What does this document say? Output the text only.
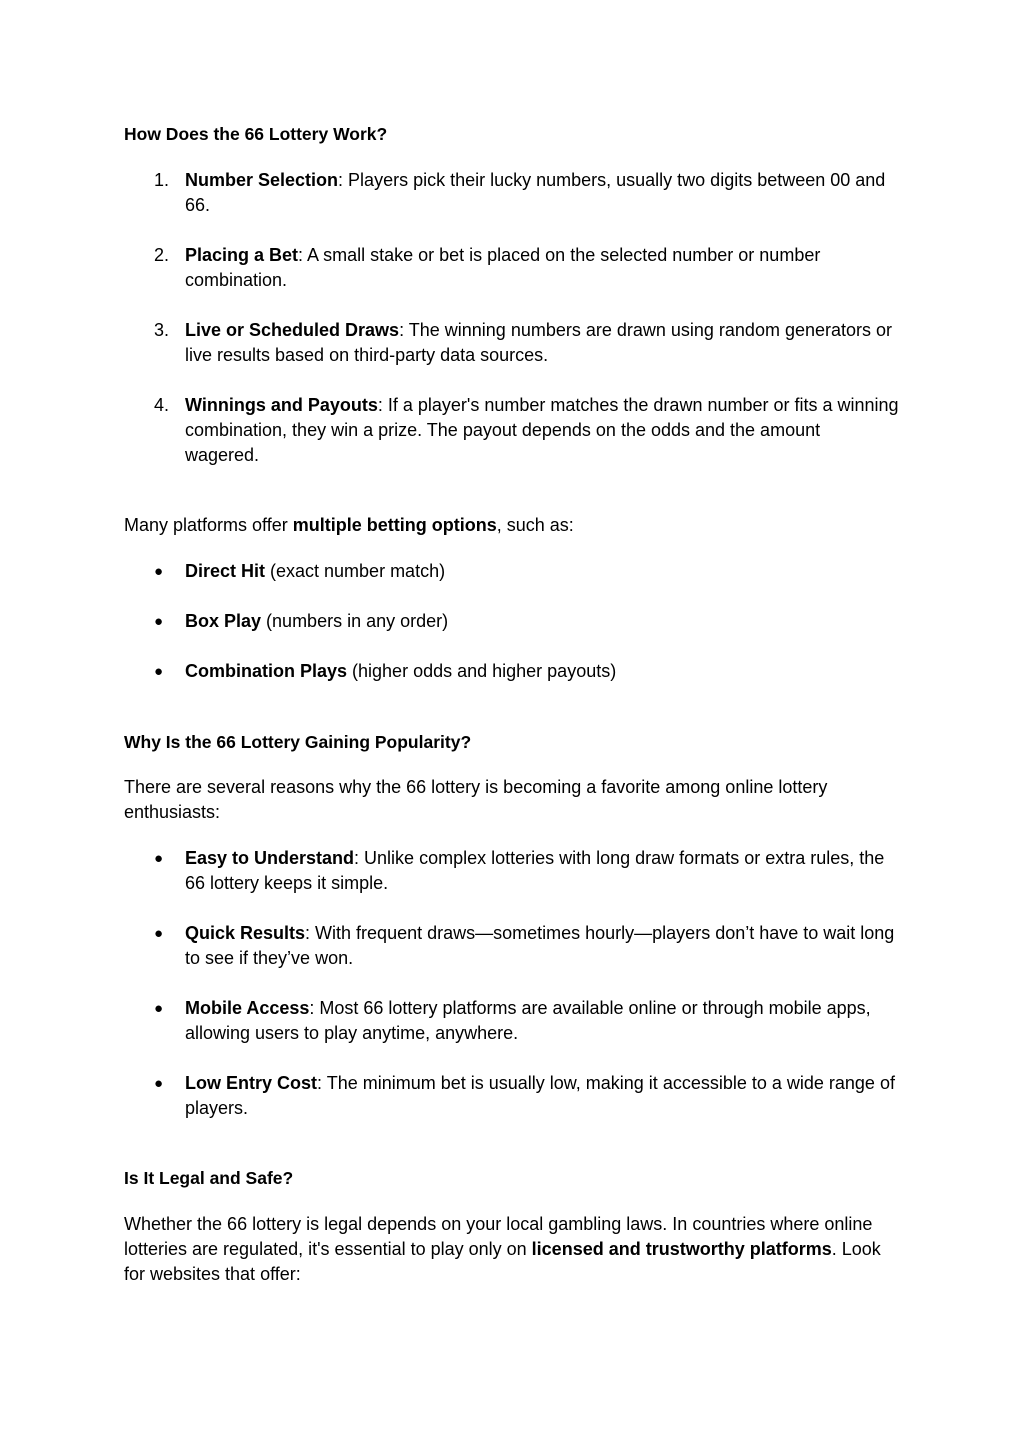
How Does the 66 Lottery Work?
1. Number Selection: Players pick their lucky numbers, usually two digits between 00 and 66.
2. Placing a Bet: A small stake or bet is placed on the selected number or number combination.
3. Live or Scheduled Draws: The winning numbers are drawn using random generators or live results based on third-party data sources.
4. Winnings and Payouts: If a player's number matches the drawn number or fits a winning combination, they win a prize. The payout depends on the odds and the amount wagered.

Many platforms offer multiple betting options, such as:

●	Direct Hit (exact number match)
●	Box Play (numbers in any order)
●	Combination Plays (higher odds and higher payouts)
Why Is the 66 Lottery Gaining Popularity?

There are several reasons why the 66 lottery is becoming a favorite among online lottery enthusiasts:

●	Easy to Understand: Unlike complex lotteries with long draw formats or extra rules, the 66 lottery keeps it simple.
●	Quick Results: With frequent draws—sometimes hourly—players don’t have to wait long to see if they’ve won.
●	Mobile Access: Most 66 lottery platforms are available online or through mobile apps, allowing users to play anytime, anywhere.
●	Low Entry Cost: The minimum bet is usually low, making it accessible to a wide range of players.
Is It Legal and Safe?

Whether the 66 lottery is legal depends on your local gambling laws. In countries where online lotteries are regulated, it's essential to play only on licensed and trustworthy platforms. Look for websites that offer:
